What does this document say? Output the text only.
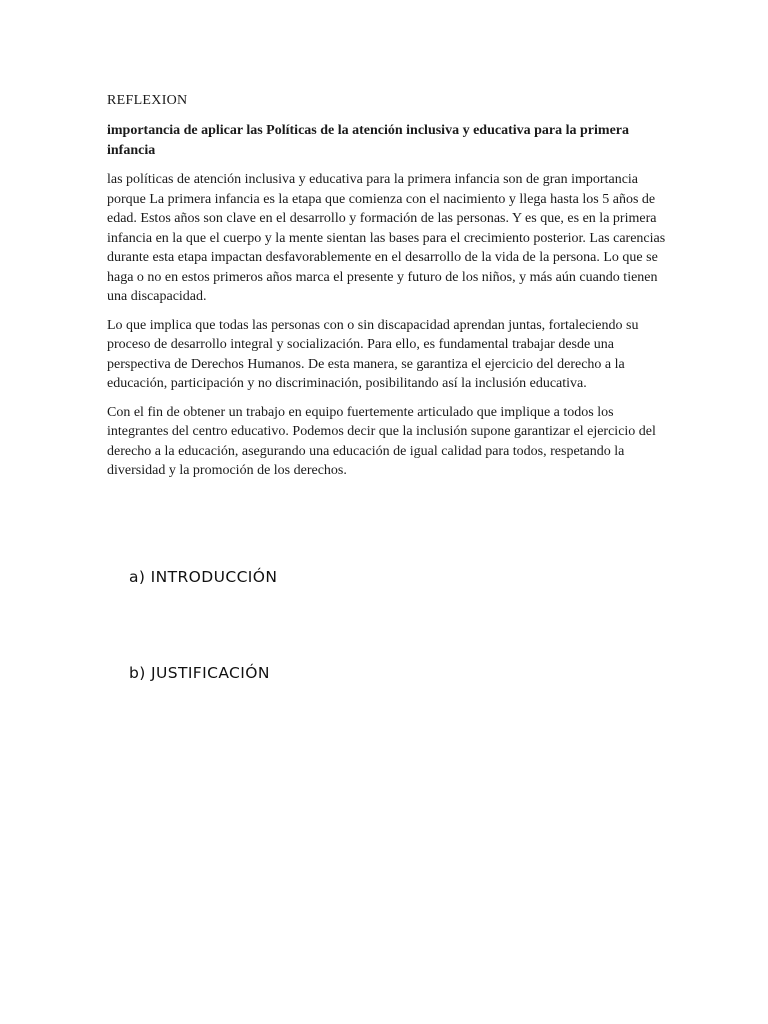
REFLEXION
importancia de aplicar las Políticas de la atención inclusiva y educativa para la primera infancia

las políticas de atención inclusiva y educativa para la primera infancia son de gran importancia porque La primera infancia es la etapa que comienza con el nacimiento y llega hasta los 5 años de edad. Estos años son clave en el desarrollo y formación de las personas. Y es que, es en la primera infancia en la que el cuerpo y la mente sientan las bases para el crecimiento posterior. Las carencias durante esta etapa impactan desfavorablemente en el desarrollo de la vida de la persona. Lo que se haga o no en estos primeros años marca el presente y futuro de los niños, y más aún cuando tienen una discapacidad.

Lo que implica que todas las personas con o sin discapacidad aprendan juntas, fortaleciendo su proceso de desarrollo integral y socialización. Para ello, es fundamental trabajar desde una perspectiva de Derechos Humanos. De esta manera, se garantiza el ejercicio del derecho a la educación, participación y no discriminación, posibilitando así la inclusión educativa.

Con el fin de obtener un trabajo en equipo fuertemente articulado que implique a todos los integrantes del centro educativo. Podemos decir que la inclusión supone garantizar el ejercicio del derecho a la educación, asegurando una educación de igual calidad para todos, respetando la diversidad y la promoción de los derechos.

a) INTRODUCCIÓN
b) JUSTIFICACIÓN
